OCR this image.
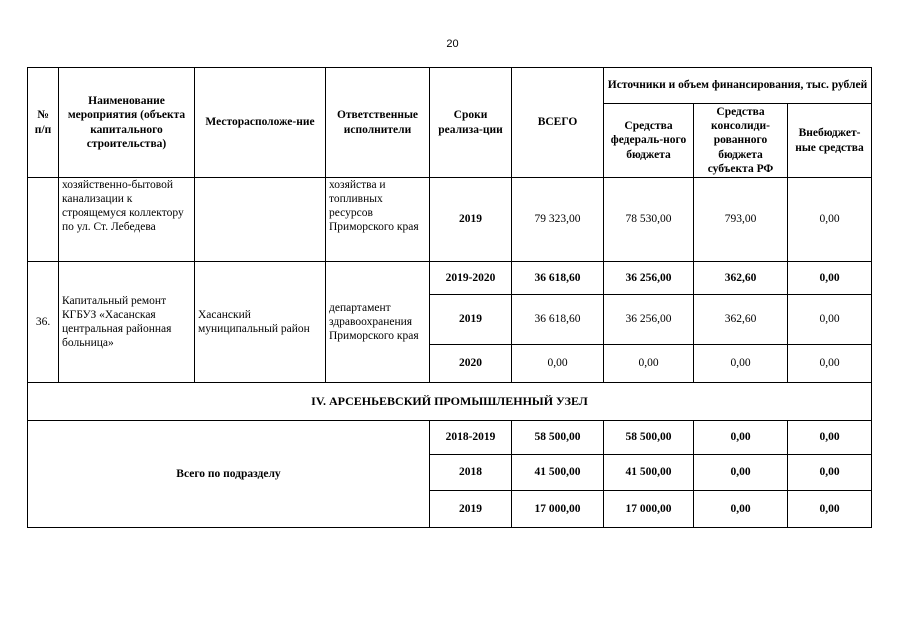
20
№ п/п	Наименование мероприятия (объекта капитального строительства)	Месторасположе-ние	Ответственные исполнители	Сроки реализа-ции	ВСЕГО	Источники и объем финансирования, тыс. рублей		
						Средства федераль-ного бюджета	Средства консолиди-рованного бюджета субъекта РФ	Внебюджет-ные средства
	хозяйственно-бытовой канализации к строящемуся коллектору по ул. Ст. Лебедева		хозяйства и топливных ресурсов Приморского края	2019	79 323,00	78 530,00	793,00	0,00
36.	Капитальный ремонт КГБУЗ «Хасанская центральная районная больница»	Хасанский муниципальный район	департамент здравоохранения Приморского края	2019-2020	36 618,60	36 256,00	362,60	0,00
				2019	36 618,60	36 256,00	362,60	0,00
				2020	0,00	0,00	0,00	0,00
IV. АРСЕНЬЕВСКИЙ ПРОМЫШЛЕННЫЙ УЗЕЛ								
Всего по подразделу				2018-2019	58 500,00	58 500,00	0,00	0,00
				2018	41 500,00	41 500,00	0,00	0,00
				2019	17 000,00	17 000,00	0,00	0,00
